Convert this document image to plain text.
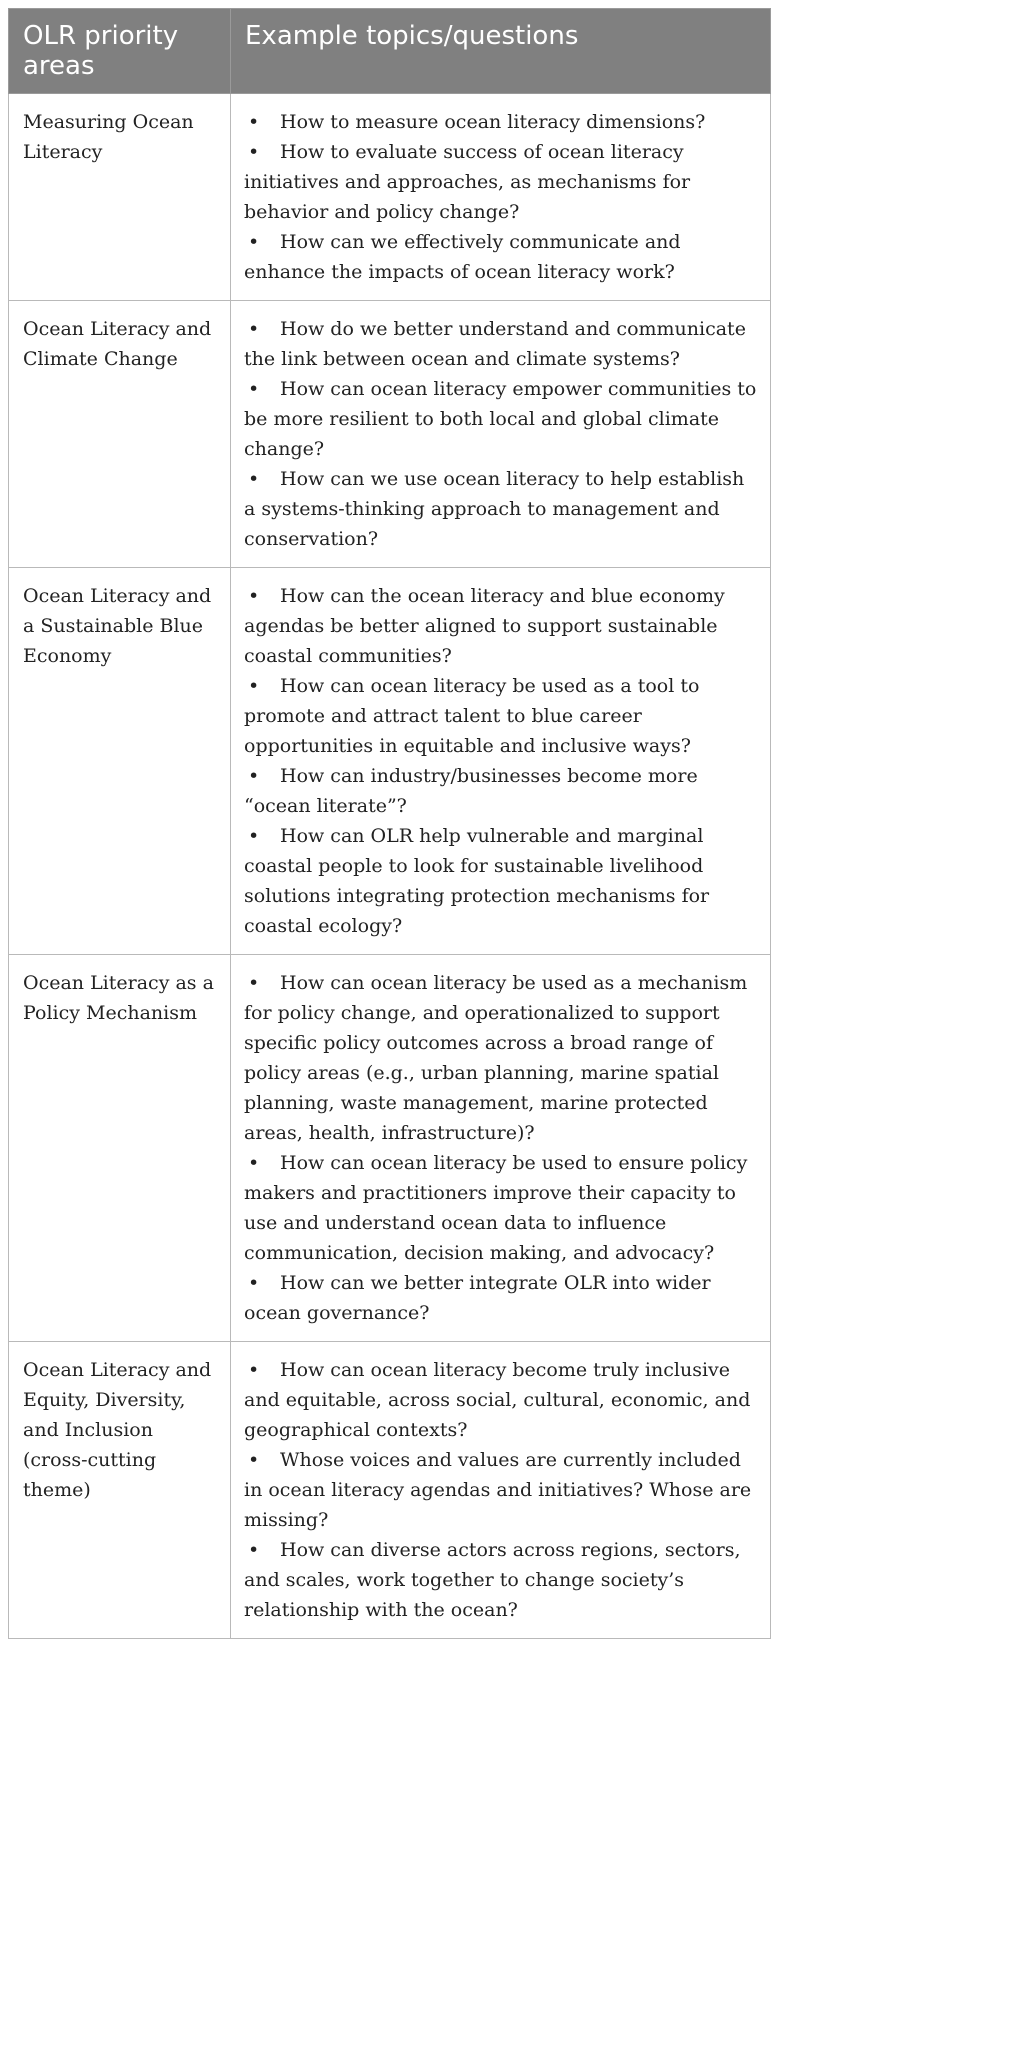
OLR priority areas	Example topics/questions
Measuring Ocean Literacy	• How to measure ocean literacy dimensions?
• How to evaluate success of ocean literacy initiatives and approaches, as mechanisms for behavior and policy change?
• How can we effectively communicate and enhance the impacts of ocean literacy work?

Ocean Literacy and Climate Change	• How do we better understand and communicate the link between ocean and climate systems?
• How can ocean literacy empower communities to be more resilient to both local and global climate change?
• How can we use ocean literacy to help establish a systems-thinking approach to management and conservation?

Ocean Literacy and a Sustainable Blue Economy	• How can the ocean literacy and blue economy agendas be better aligned to support sustainable coastal communities?
• How can ocean literacy be used as a tool to promote and attract talent to blue career opportunities in equitable and inclusive ways?
• How can industry/businesses become more “ocean literate”?
• How can OLR help vulnerable and marginal coastal people to look for sustainable livelihood solutions integrating protection mechanisms for coastal ecology?

Ocean Literacy as a Policy Mechanism	• How can ocean literacy be used as a mechanism for policy change, and operationalized to support specific policy outcomes across a broad range of policy areas (e.g., urban planning, marine spatial planning, waste management, marine protected areas, health, infrastructure)?
• How can ocean literacy be used to ensure policy makers and practitioners improve their capacity to use and understand ocean data to influence communication, decision making, and advocacy?
• How can we better integrate OLR into wider ocean governance?

Ocean Literacy and Equity, Diversity, and Inclusion (cross-cutting theme)	• How can ocean literacy become truly inclusive and equitable, across social, cultural, economic, and geographical contexts?
• Whose voices and values are currently included in ocean literacy agendas and initiatives? Whose are missing?
• How can diverse actors across regions, sectors, and scales, work together to change society’s relationship with the ocean?
